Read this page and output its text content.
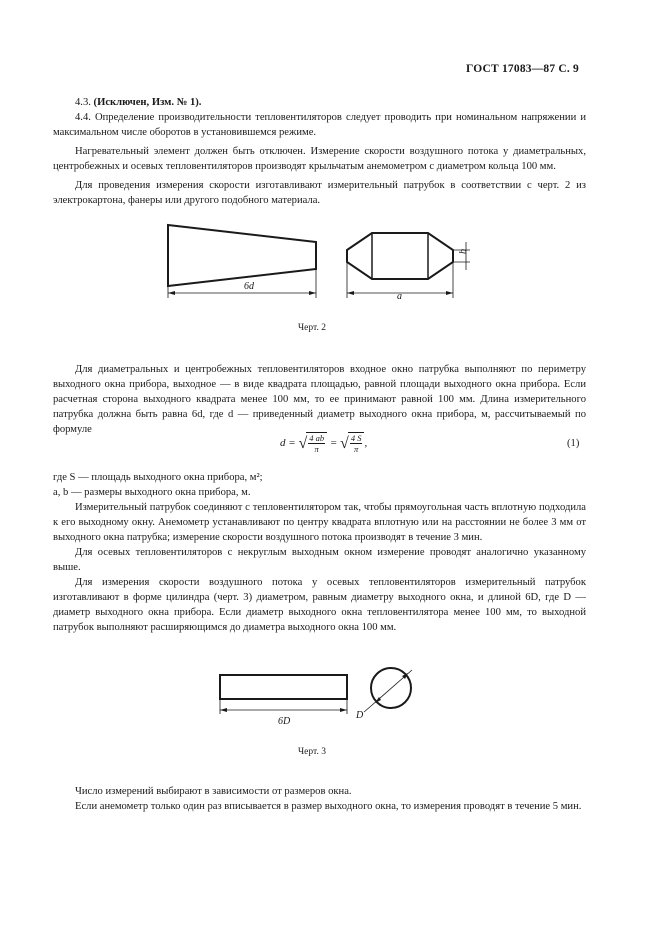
ГОСТ 17083—87 С. 9

4.3. (Исключен, Изм. № 1).

4.4. Определение производительности тепловентиляторов следует проводить при номинальном напряжении и максимальном числе оборотов в установившемся режиме.

Нагревательный элемент должен быть отключен. Измерение скорости воздушного потока у диаметральных, центробежных и осевых тепловентиляторов производят крыльчатым анемометром с диаметром кольца 100 мм.

Для проведения измерения скорости изготавливают измерительный патрубок в соответствии с черт. 2 из электрокартона, фанеры или другого подобного материала.

6d
b
a
Черт. 2

Для диаметральных и центробежных тепловентиляторов входное окно патрубка выполняют по периметру выходного окна прибора, выходное — в виде квадрата площадью, равной площади выходного окна прибора. Если расчетная сторона выходного квадрата менее 100 мм, то ее принимают равной 100 мм. Длина измерительного патрубка должна быть равна 6d, где d — приведенный диаметр выходного окна прибора, м, рассчитываемый по формуле

d = √ $\frac{4 ab}{\pi}$ = √ $\frac{4 S}{\pi}$ ,	(1)

где S — площадь выходного окна прибора, м²;

a, b — размеры выходного окна прибора, м.

Измерительный патрубок соединяют с тепловентилятором так, чтобы прямоугольная часть вплотную подходила к его выходному окну. Анемометр устанавливают по центру квадрата вплотную или на расстоянии не более 3 мм от выходного окна патрубка; измерение скорости воздушного потока производят в течение 3 мин.

Для осевых тепловентиляторов с некруглым выходным окном измерение проводят аналогично указанному выше.

Для измерения скорости воздушного потока у осевых тепловентиляторов измерительный патрубок изготавливают в форме цилиндра (черт. 3) диаметром, равным диаметру выходного окна, и длиной 6D, где D — диаметр выходного окна прибора. Если диаметр выходного окна тепловентилятора менее 100 мм, то выходной патрубок выполняют расширяющимся до диаметра выходного окна 100 мм.

6D
D
Черт. 3

Число измерений выбирают в зависимости от размеров окна.

Если анемометр только один раз вписывается в размер выходного окна, то измерения проводят в течение 5 мин.
